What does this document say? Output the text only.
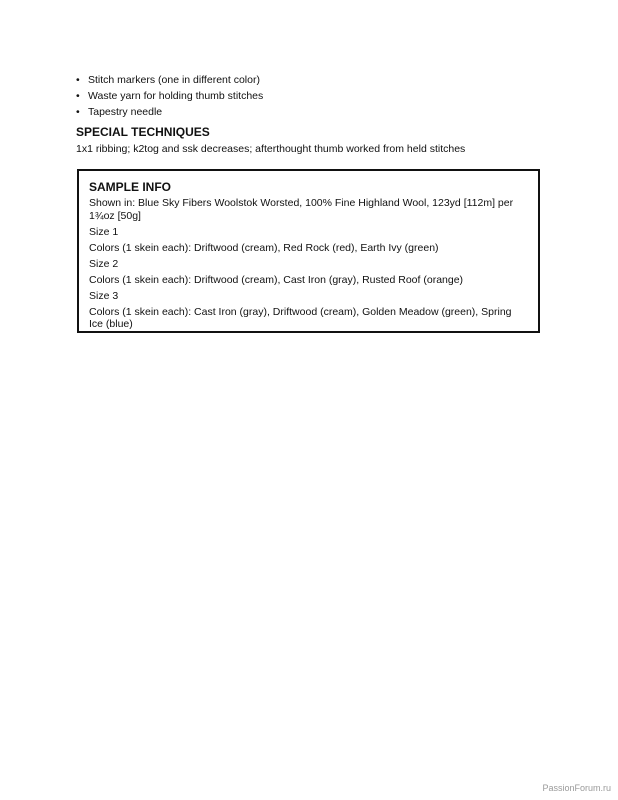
• Stitch markers (one in different color)
• Waste yarn for holding thumb stitches
• Tapestry needle
SPECIAL TECHNIQUES

1x1 ribbing; k2tog and ssk decreases; afterthought thumb worked from held stitches

SAMPLE INFO
Shown in: Blue Sky Fibers Woolstok Worsted, 100% Fine Highland Wool, 123yd [112m] per 1¾oz [50g]
Size 1
Colors (1 skein each): Driftwood (cream), Red Rock (red), Earth Ivy (green)
Size 2
Colors (1 skein each): Driftwood (cream), Cast Iron (gray), Rusted Roof (orange)
Size 3
Colors (1 skein each): Cast Iron (gray), Driftwood (cream), Golden Meadow (green), Spring Ice (blue)
PassionForum.ru
